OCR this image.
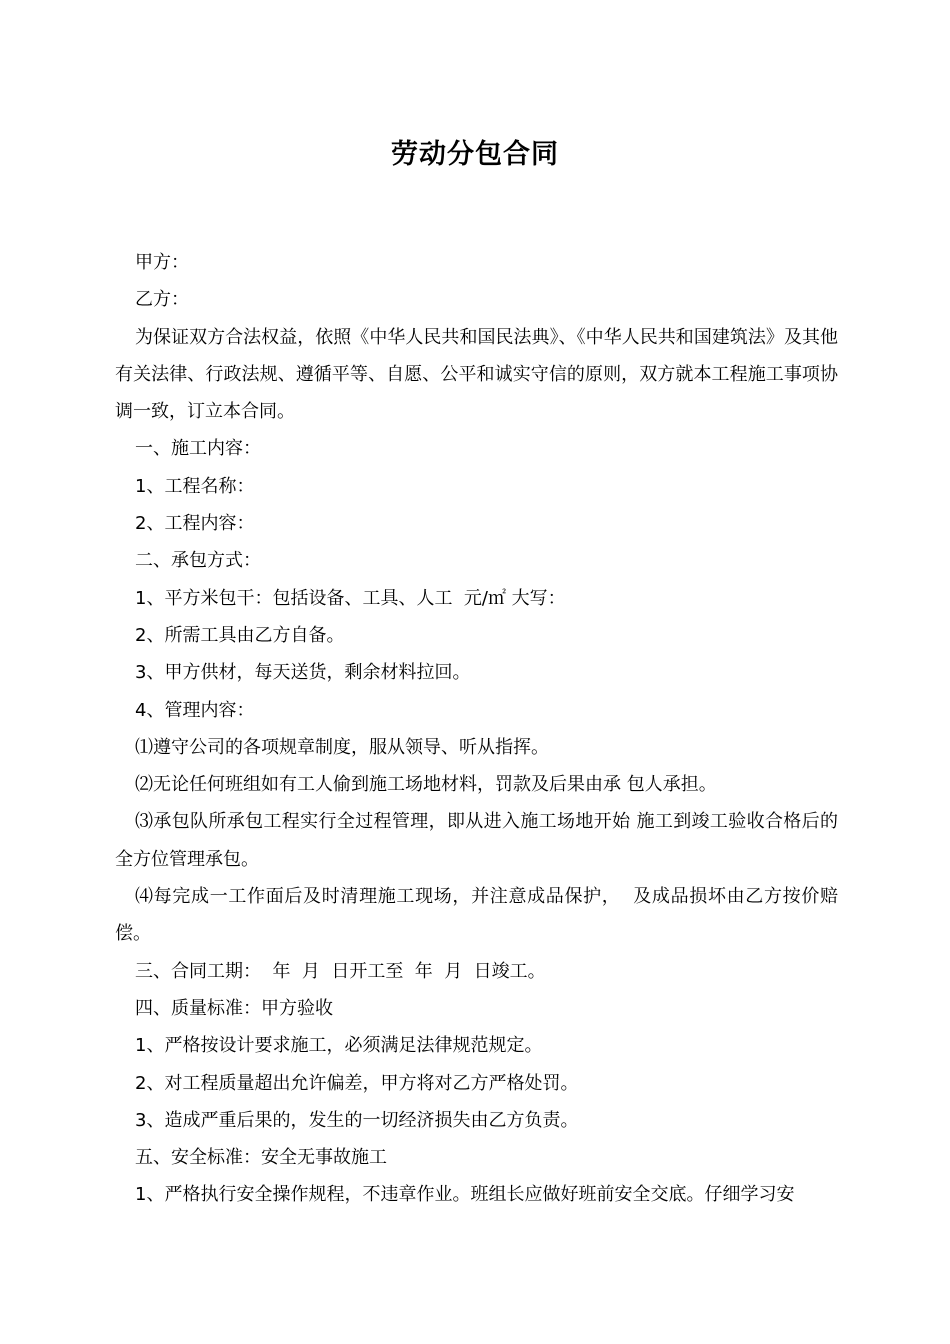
劳动分包合同

甲方：

乙方：

为保证双方合法权益，依照《中华人民共和国民法典》、《中华人民共和国建筑法》及其他有关法律、行政法规、遵循平等、自愿、公平和诚实守信的原则，双方就本工程施工事项协调一致，订立本合同。

一、施工内容：

1、工程名称：

2、工程内容：

二、承包方式：

1、平方米包干：包括设备、工具、人工  元/㎡ 大写：

2、所需工具由乙方自备。

3、甲方供材，每天送货，剩余材料拉回。

4、管理内容：

⑴遵守公司的各项规章制度，服从领导、听从指挥。

⑵无论任何班组如有工人偷到施工场地材料，罚款及后果由承 包人承担。

⑶承包队所承包工程实行全过程管理，即从进入施工场地开始 施工到竣工验收合格后的全方位管理承包。

⑷每完成一工作面后及时清理施工现场，并注意成品保护，  及成品损坏由乙方按价赔偿。

三、合同工期：  年  月  日开工至  年  月  日竣工。

四、质量标准：甲方验收

1、严格按设计要求施工，必须满足法律规范规定。

2、对工程质量超出允许偏差，甲方将对乙方严格处罚。

3、造成严重后果的，发生的一切经济损失由乙方负责。

五、安全标准：安全无事故施工

1、严格执行安全操作规程，不违章作业。班组长应做好班前安全交底。仔细学习安
